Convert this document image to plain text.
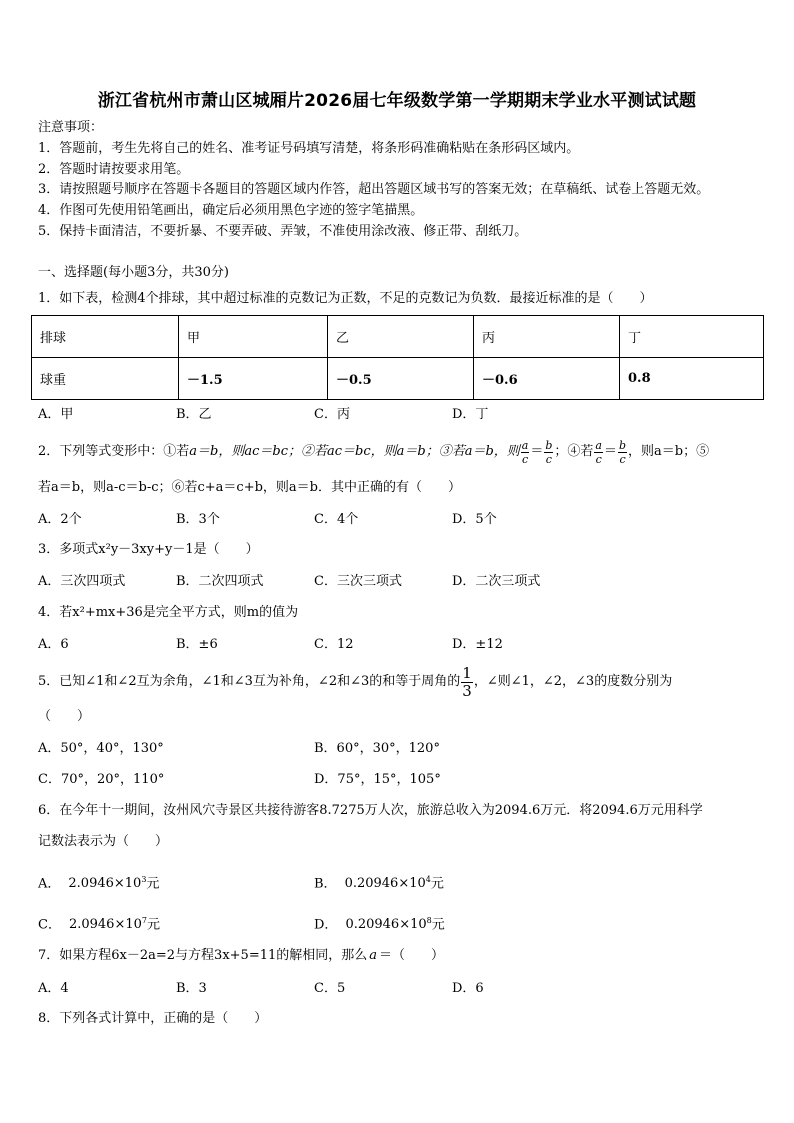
浙江省杭州市萧山区城厢片2026届七年级数学第一学期期末学业水平测试试题
注意事项：
1．答题前，考生先将自己的姓名、准考证号码填写清楚，将条形码准确粘贴在条形码区域内。
2．答题时请按要求用笔。
3．请按照题号顺序在答题卡各题目的答题区域内作答，超出答题区域书写的答案无效；在草稿纸、试卷上答题无效。
4．作图可先使用铅笔画出，确定后必须用黑色字迹的签字笔描黑。
5．保持卡面清洁，不要折暴、不要弄破、弄皱，不准使用涂改液、修正带、刮纸刀。
一、选择题(每小题3分，共30分)
1．如下表，检测4个排球，其中超过标准的克数记为正数，不足的克数记为负数．最接近标准的是（　　）
排球	甲	乙	丙	丁
球重	－1.5	－0.5	－0.6	0.8
A．甲	B．乙	C．丙	D．丁
2．下列等式变形中：①若 a＝b，则ac＝bc；②若ac＝bc，则a＝b；③若a＝b，则 $\frac{a}{c} = \frac{b}{c}$ ；④若 $\frac{a}{c} = \frac{b}{c}$ ，则a＝b；⑤
若a＝b，则a-c＝b-c；⑥若c+a＝c+b，则a＝b．其中正确的有（　　）
A．2个	B．3个	C．4个	D．5个
3．多项式x²y－3xy+y－1是（　　）
A．三次四项式	B．二次四项式	C．三次三项式	D．二次三项式
4．若x²+mx+36是完全平方式，则m的值为
A．6	B．±6	C．12	D．±12
5．已知∠1和∠2互为余角，∠1和∠3互为补角，∠2和∠3的和等于周角的 $\frac{1}{3}$ ，∠则∠1，∠2，∠3的度数分别为
（　　）
A．50°，40°，130°	B．60°，30°，120°
C．70°，20°，110°	D．75°，15°，105°
6．在今年十一期间，汝州风穴寺景区共接待游客8.7275万人次，旅游总收入为2094.6万元．将2094.6万元用科学
记数法表示为（　　）
A． $2.0946\times 10^3$元	B． $0.20946\times 10^4$元
C． $2.0946\times 10^7$元	D． $0.20946\times 10^8$元
7．如果方程6x－2a=2与方程3x+5=11的解相同，那么 a ＝（　　）
A．4	B．3	C．5	D．6
8．下列各式计算中，正确的是（　　）
